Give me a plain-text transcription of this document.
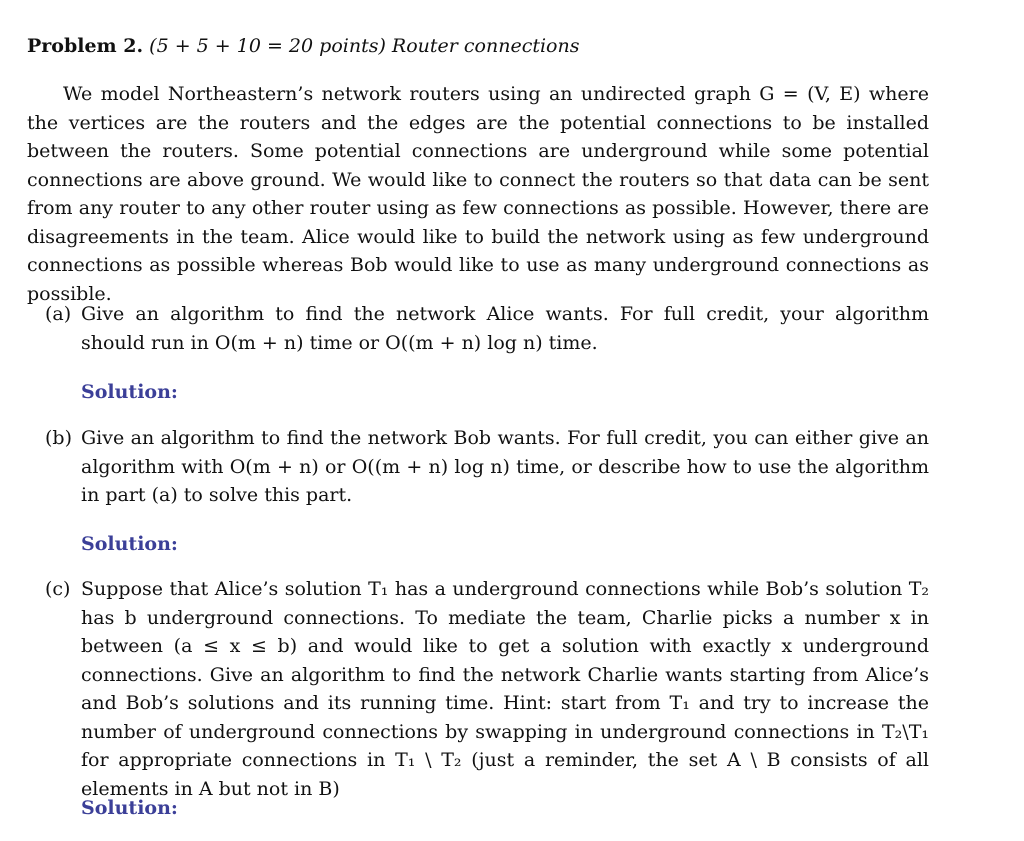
Problem 2. (5 + 5 + 10 = 20 points) Router connections
We model Northeastern’s network routers using an undirected graph G = (V, E) where the vertices are the routers and the edges are the potential connections to be installed between the routers. Some potential connections are underground while some potential connections are above ground. We would like to connect the routers so that data can be sent from any router to any other router using as few connections as possible. However, there are disagreements in the team. Alice would like to build the network using as few underground connections as possible whereas Bob would like to use as many underground connections as possible.
(a) Give an algorithm to find the network Alice wants. For full credit, your algorithm should run in O(m + n) time or O((m + n) log n) time.
Solution:
(b) Give an algorithm to find the network Bob wants. For full credit, you can either give an algorithm with O(m + n) or O((m + n) log n) time, or describe how to use the algorithm in part (a) to solve this part.
Solution:
(c) Suppose that Alice’s solution T₁ has a underground connections while Bob’s solution T₂ has b underground connections. To mediate the team, Charlie picks a number x in between (a ≤ x ≤ b) and would like to get a solution with exactly x underground connections. Give an algorithm to find the network Charlie wants starting from Alice’s and Bob’s solutions and its running time. Hint: start from T₁ and try to increase the number of underground connections by swapping in underground connections in T₂\T₁ for appropriate connections in T₁ \ T₂ (just a reminder, the set A \ B consists of all elements in A but not in B)
Solution:
